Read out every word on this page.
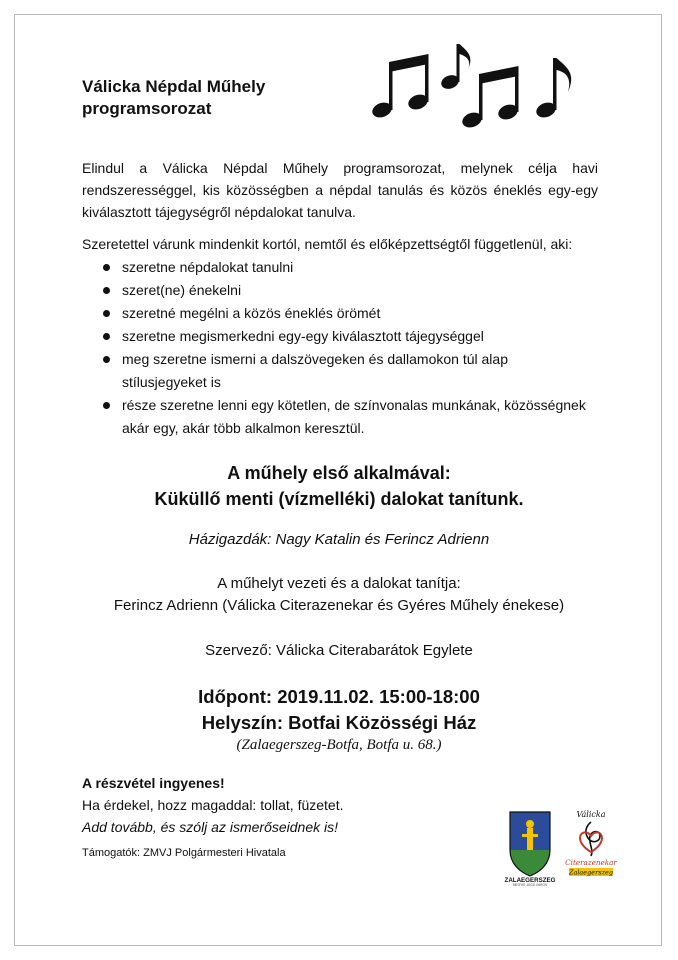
Válicka Népdal Műhely
programsorozat
Elindul a Válicka Népdal Műhely programsorozat, melynek célja havi rendszerességgel, kis közösségben a népdal tanulás és közös éneklés egy-egy kiválasztott tájegységről népdalokat tanulva.
Szeretettel várunk mindenkit kortól, nemtől és előképzettségtől függetlenül, aki:
szeretne népdalokat tanulni
szeret(ne) énekelni
szeretné megélni a közös éneklés örömét
szeretne megismerkedni egy-egy kiválasztott tájegységgel
meg szeretne ismerni a dalszövegeken és dallamokon túl alap stílusjegyeket is
része szeretne lenni egy kötetlen, de színvonalas munkának, közösségnek akár egy, akár több alkalmon keresztül.
A műhely első alkalmával:
Küküllő menti (vízmelléki) dalokat tanítunk.
Házigazdák: Nagy Katalin és Ferincz Adrienn
A műhelyt vezeti és a dalokat tanítja:
Ferincz Adrienn (Válicka Citerazenekar és Gyéres Műhely énekese)
Szervező: Válicka Citerabarátok Egylete
Időpont: 2019.11.02. 15:00-18:00
Helyszín: Botfai Közösségi Ház
(Zalaegerszeg-Botfa, Botfa u. 68.)
A részvétel ingyenes!
Ha érdekel, hozz magaddal: tollat, füzetet.
Add tovább, és szólj az ismerőseidnek is!
Támogatók: ZMVJ Polgármesteri Hivatala
ZALAEGERSZEG
MEGYEI JOGÚ VÁROS
Válicka
Citerazenekar
Zalaegerszeg
